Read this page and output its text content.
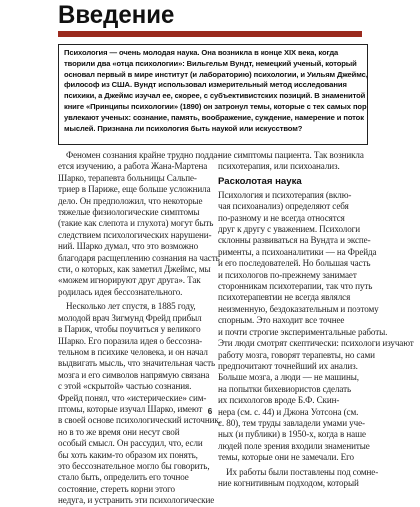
Введение
Психология — очень молодая наука. Она возникла в конце XIX века, когда
творили два «отца психологии»: Вильгельм Вундт, немецкий ученый, который
основал первый в мире институт (и лабораторию) психологии, и Уильям Джеймс,
философ из США. Вундт использовал измерительный метод исследования
психики, а Джеймс изучал ее, скорее, с субъективистских позиций. В знаменитой
книге «Принципы психологии» (1890) он затронул темы, которые с тех самых пор
увлекают ученых: сознание, память, воображение, суждение, намерение и поток
мыслей. Признана ли психология быть наукой или искусством?
Феномен сознания крайне трудно подда-
ется изучению, а работа Жана-Мартена
Шарко, терапевта больницы Сальпе-
триер в Париже, еще больше усложнила
дело. Он предположил, что некоторые
тяжелые физиологические симптомы
(такие как слепота и глухота) могут быть
следствием психологических нарушени-
ний. Шарко думал, что это возможно
благодаря расщеплению сознания на часть
сти, о которых, как заметил Джеймс, мы
«можем игнорируют друг друга». Так
родилась идея бессознательного.
Несколько лет спустя, в 1885 году,
молодой врач Зигмунд Фрейд прибыл
в Париж, чтобы поучиться у великого
Шарко. Его поразила идея о бессозна-
тельном в психике человека, и он начал
выдвигать мысль, что значительная часть
мозга и его символов напрямую связана
с этой «скрытой» частью сознания.
Фрейд понял, что «истерические» сим-
птомы, которые изучал Шарко, имеют
в своей основе психологический источник,
но в то же время они несут свой
особый смысл. Он рассудил, что, если
бы хоть каким-то образом их понять,
это бессознательное могло бы говорить,
стало быть, определить его точное
состояние, стереть корни этого
недуга, и устранить эти психологические
ние симптомы пациента. Так возникла
психотерапия, или психоанализ.
Расколотая наука
Психология и психотерапия (вклю-
чая психоанализ) определяют себя
по-разному и не всегда относятся
друг к другу с уважением. Психологи
склонны развиваться на Вундта и экспе-
рименты, а психоаналитики — на Фрейда
и его последователей. Но большая часть
и психологов по-прежнему занимает
сторонникам психотерапии, так что путь
психотерапевтии не всегда являлся
неизменную, бездоказательным и поэтому
спорным. Это находит все точнее
и почти строгие экспериментальные работы.
Эти люди смотрят скептически: психологи изучают
работу мозга, говорят терапевты, но сами
предпочитают точнейший их анализ.
Больше мозга, а люди — не машины,
на попытки бихевиористов сделать
их психологов вроде Б.Ф. Скин-
нера (см. с. 44) и Джона Уотсона (см.
с. 80), тем труды завладели умами уче-
ных (и публики) в 1950-х, когда в наше
людей поле зрения входили знаменитые
темы, которые они не замечали. Его
Их работы были поставлены под сомне-
ние когнитивным подходом, который
6
